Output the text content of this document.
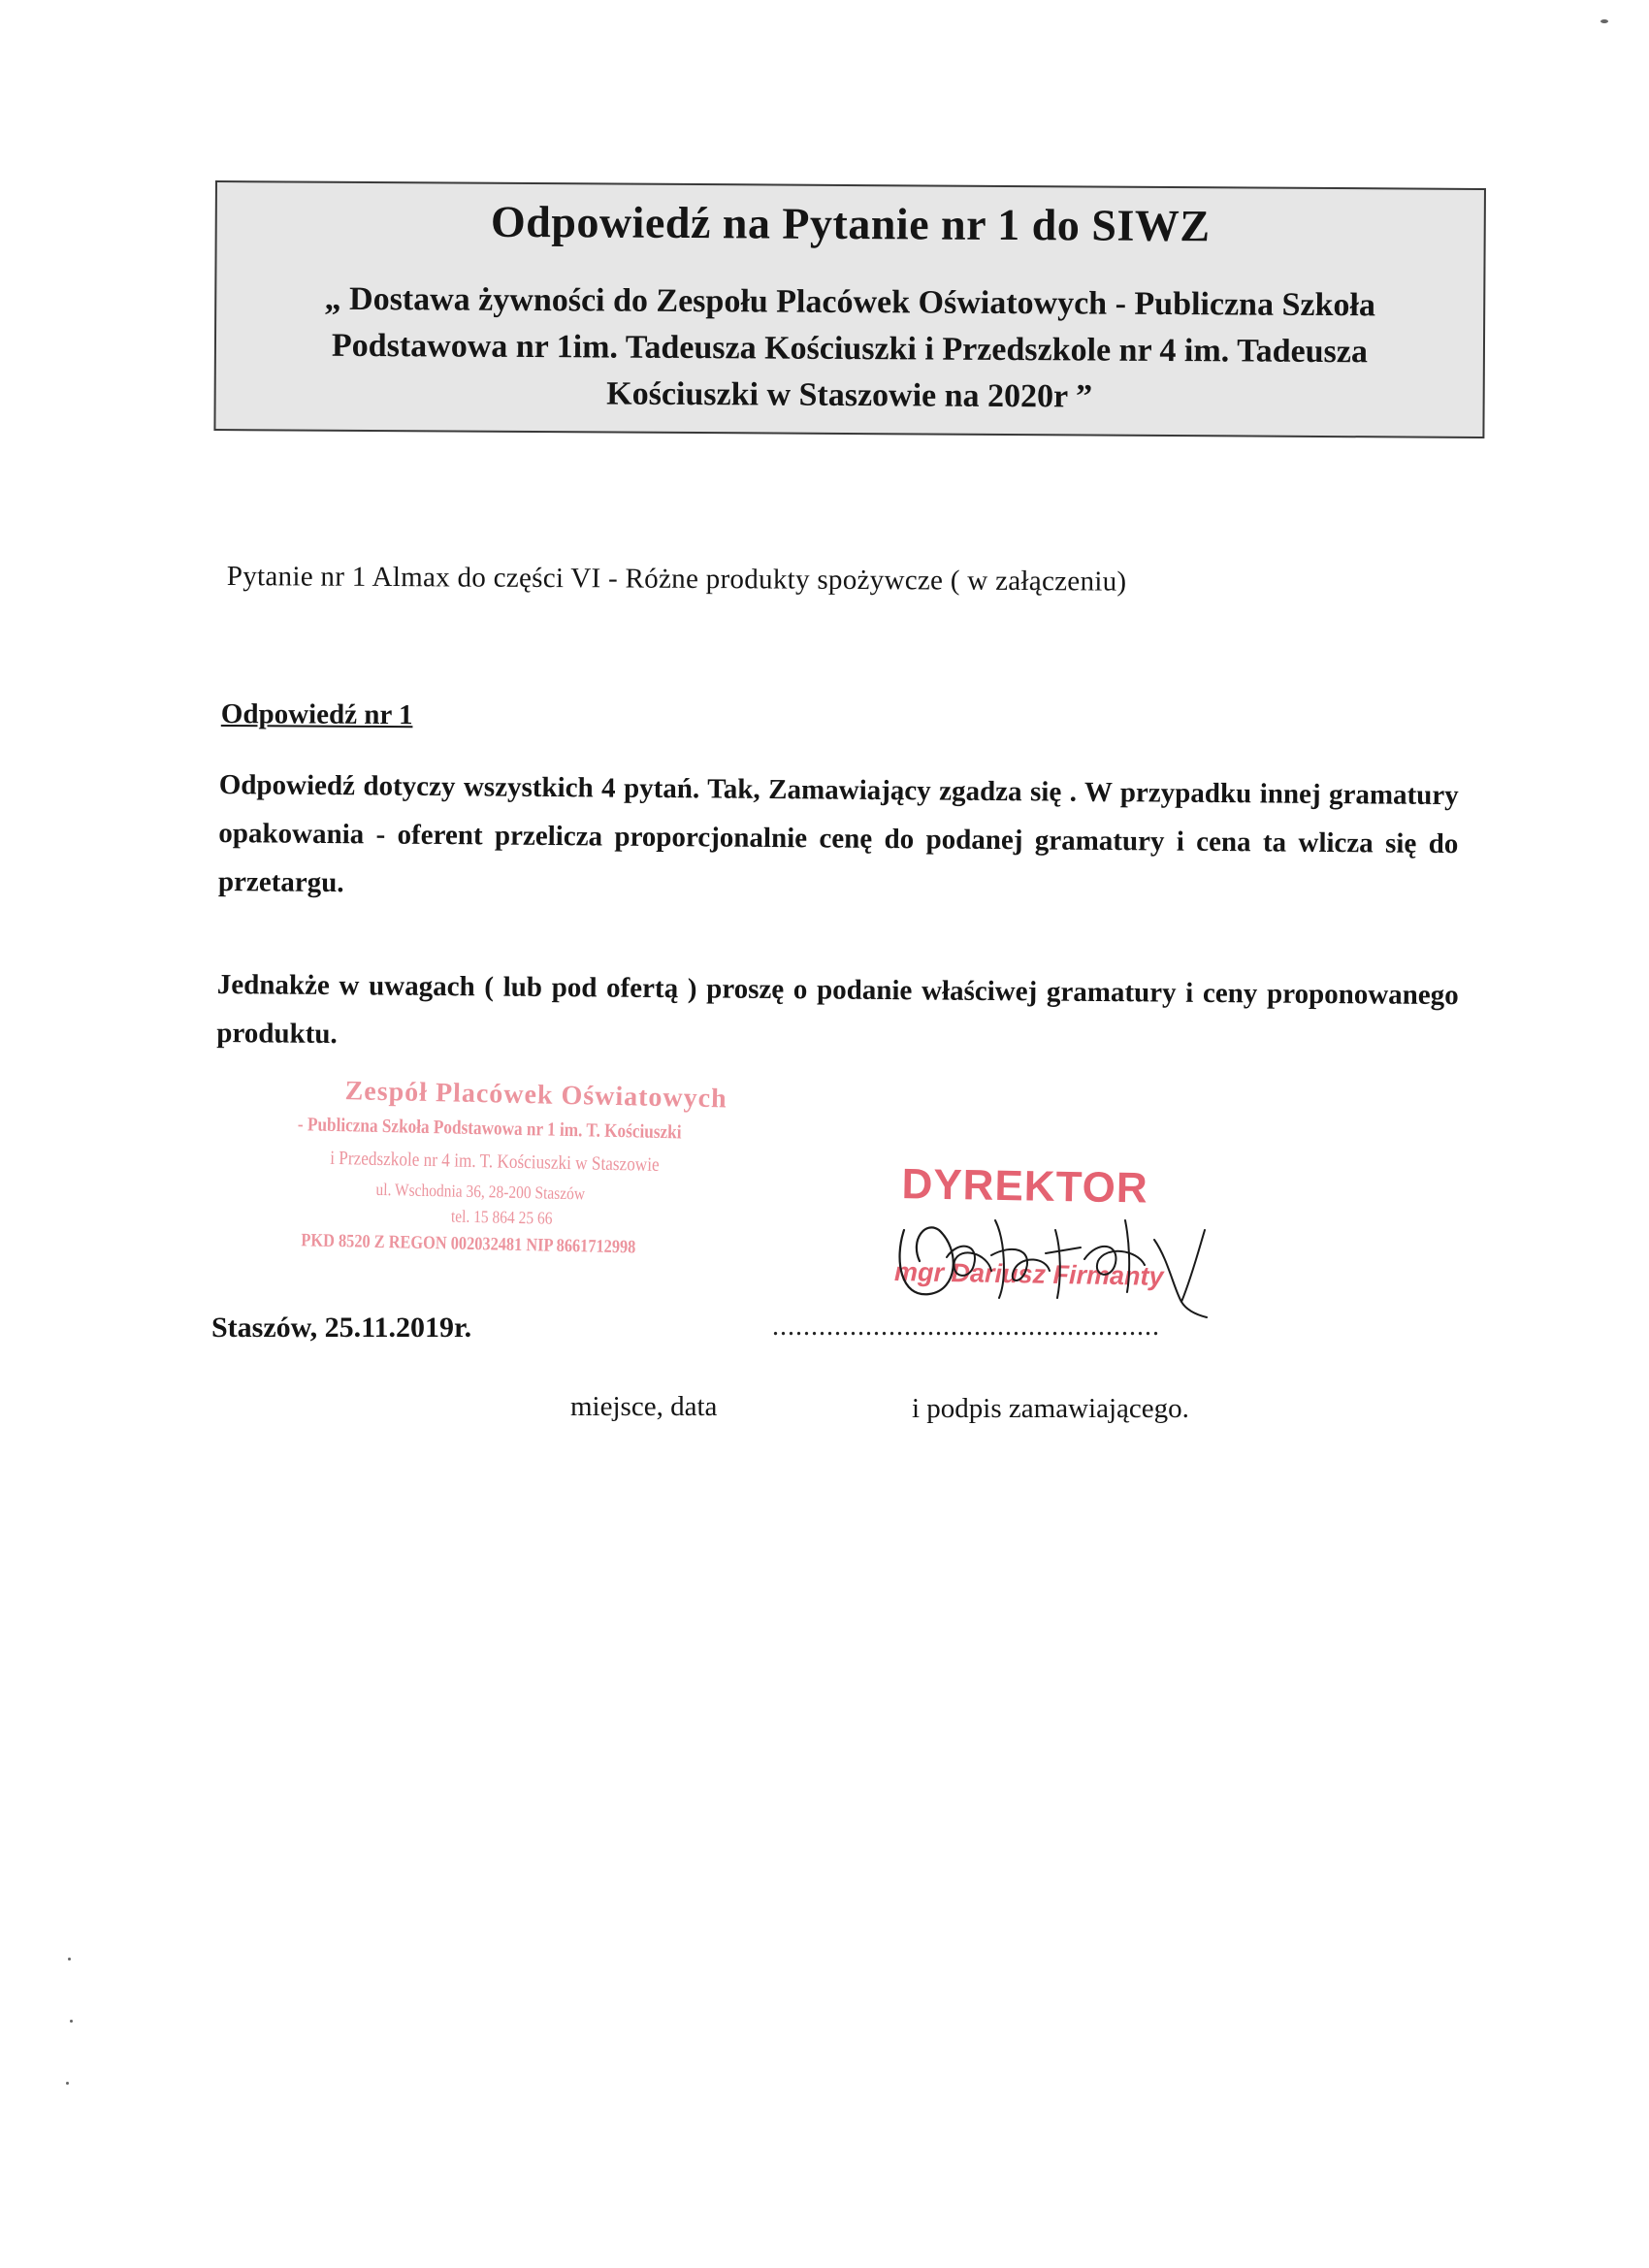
Odpowiedź na Pytanie nr 1 do SIWZ
„ Dostawa żywności do Zespołu Placówek Oświatowych - Publiczna Szkoła
Podstawowa nr 1im. Tadeusza Kościuszki i Przedszkole nr 4 im. Tadeusza
Kościuszki w Staszowie na 2020r ”
Pytanie nr 1 Almax do części VI - Różne produkty spożywcze ( w załączeniu)
Odpowiedź nr 1
Odpowiedź dotyczy wszystkich 4 pytań. Tak, Zamawiający zgadza się . W przypadku innej gramatury opakowania - oferent przelicza proporcjonalnie cenę do podanej gramatury i cena ta wlicza się do przetargu.
Jednakże w uwagach ( lub pod ofertą ) proszę o podanie właściwej gramatury i ceny proponowanego produktu.
Zespół Placówek Oświatowych
- Publiczna Szkoła Podstawowa nr 1 im. T. Kościuszki
i Przedszkole nr 4 im. T. Kościuszki w Staszowie
ul. Wschodnia 36, 28-200 Staszów
tel. 15 864 25 66
PKD 8520 Z REGON 002032481 NIP 8661712998
DYREKTOR
mgr Dariusz Firmanty
Staszów, 25.11.2019r.	..................................................
miejsce, data	i podpis zamawiającego.
